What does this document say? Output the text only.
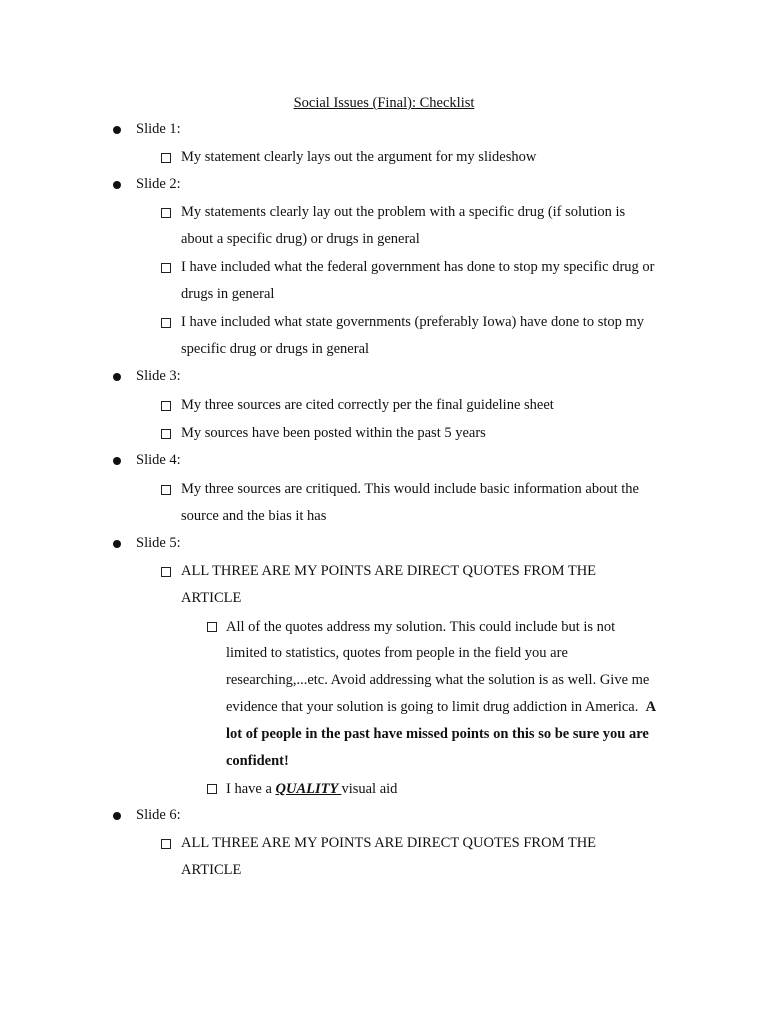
Social Issues (Final): Checklist
Slide 1:
My statement clearly lays out the argument for my slideshow
Slide 2:
My statements clearly lay out the problem with a specific drug (if solution is
about a specific drug) or drugs in general
I have included what the federal government has done to stop my specific drug or
drugs in general
I have included what state governments (preferably Iowa) have done to stop my
specific drug or drugs in general
Slide 3:
My three sources are cited correctly per the final guideline sheet
My sources have been posted within the past 5 years
Slide 4:
My three sources are critiqued. This would include basic information about the
source and the bias it has
Slide 5:
ALL THREE ARE MY POINTS ARE DIRECT QUOTES FROM THE
ARTICLE
All of the quotes address my solution. This could include but is not
limited to statistics, quotes from people in the field you are
researching,...etc. Avoid addressing what the solution is as well. Give me
evidence that your solution is going to limit drug addiction in America. A
lot of people in the past have missed points on this so be sure you are
confident!
I have a QUALITY visual aid
Slide 6:
ALL THREE ARE MY POINTS ARE DIRECT QUOTES FROM THE
ARTICLE
